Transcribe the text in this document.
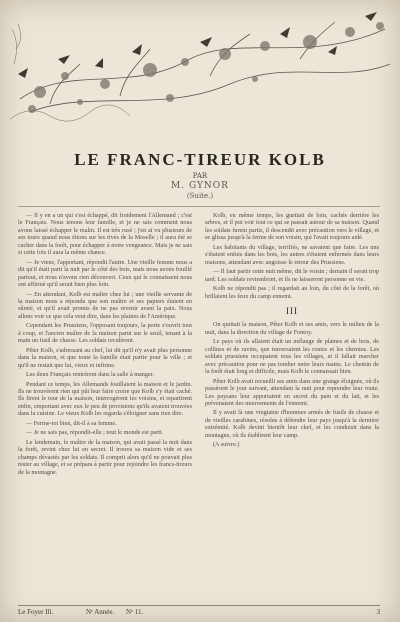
LE FRANC-TIREUR KOLB
PAR
M. GYNOR
(Suite.)

— Il y en a un qui s'est échappé, dit froidement l'Allemand ; c'est le Français. Nous tenons leur famille, et je ne sais comment nous avons laissé échapper le malin. Il est très rusé ; j'en ai vu plusieurs de ses tours quand nous étions sur les rives de la Moselle ; il aura été se cacher dans la forêt, pour échapper à notre vengeance. Mais je ne sais si cette fois il aura la même chance.

— Je viens, l'apportant, répondit l'autre. Une vieille femme nous a dit qu'il était parti la nuit par le côté des bois, mais nous avons fouillé partout, et nous n'avons rien découvert. Ceux qui le connaissent nous ont affirmé qu'il serait bien plus loin.

— En attendant, Kolb est maître chez lui ; une vieille servante de la maison nous a répondu que son maître et ses papiers étaient en sûreté, et qu'il avait promis de ne pas revenir avant la paix. Nous allons voir ce que cela veut dire, dans les plaines de l'Amérique.

Cependant les Prussiens, l'opposant toujours, la porte s'ouvrit tout à coup, et l'ancien maître de la maison parut sur le seuil, tenant à la main un fusil de chasse. Les soldats reculèrent.

Pêter Kolb, s'adressant au chef, lui dit qu'il n'y avait plus personne dans la maison, et que toute la famille était partie pour la ville ; et qu'il ne restait que lui, vieux et infirme.

Les deux Français rentrèrent dans la salle à manger.

Pendant ce temps, les Allemands fouillaient la maison et le jardin. Ils ne trouvèrent rien qui pût leur faire croire que Kolb s'y était caché. Ils firent le tour de la maison, interrogèrent les voisins, et repartirent enfin, emportant avec eux le peu de provisions qu'ils avaient trouvées dans la cuisine. Le vieux Kolb les regarda s'éloigner sans rien dire.

— Ferme-toi bien, dit-il à sa femme.

— Je ne sais pas, répondit-elle ; tout le monde est parti.

Le lendemain, le maître de la maison, qui avait passé la nuit dans la forêt, revint chez lui en secret. Il trouva sa maison vide et ses champs dévastés par les soldats. Il comprit alors qu'il ne pouvait plus rester au village, et se prépara à partir pour rejoindre les francs-tireurs de la montagne.

Kolb, en même temps, les guettait de loin, cachés derrière les arbres, et il put voir tout ce qui se passait autour de sa maison. Quand les soldats furent partis, il descendit avec précaution vers le village, et se glissa jusqu'à la ferme de son voisin, qui l'avait toujours aidé.

Les habitants du village, terrifiés, ne savaient que faire. Les uns s'étaient enfuis dans les bois, les autres s'étaient enfermés dans leurs maisons, attendant avec angoisse le retour des Prussiens.

— Il faut partir cette nuit même, dit le voisin ; demain il serait trop tard. Les soldats reviendront, et ils ne laisseront personne en vie.

Kolb ne répondit pas ; il regardait au loin, du côté de la forêt, où brillaient les feux du camp ennemi.

III

On quittait la maison, Pêter Kolb et ses amis, vers le milieu de la nuit, dans la direction du village de Fontoy.

Le pays où ils allaient était un mélange de plaines et de bois, de collines et de ravins, que traversaient les routes et les chemins. Les soldats prussiens occupaient tous les villages, et il fallait marcher avec précaution pour ne pas tomber entre leurs mains. Le chemin de la forêt était long et difficile, mais Kolb le connaissait bien.

Pêter Kolb avait recueilli ses amis dans une grange éloignée, où ils passèrent le jour suivant, attendant la nuit pour reprendre leur route. Les paysans leur apportaient en secret du pain et du lait, et les prévenaient des mouvements de l'ennemi.

Il y avait là une vingtaine d'hommes armés de fusils de chasse et de vieilles carabines, résolus à défendre leur pays jusqu'à la dernière extrémité. Kolb devint bientôt leur chef, et les conduisit dans la montagne, où ils établirent leur camp.

(A suivre.)

Le Foyer Ill.	Nᵉ Année. Nᵒ 11.	3
